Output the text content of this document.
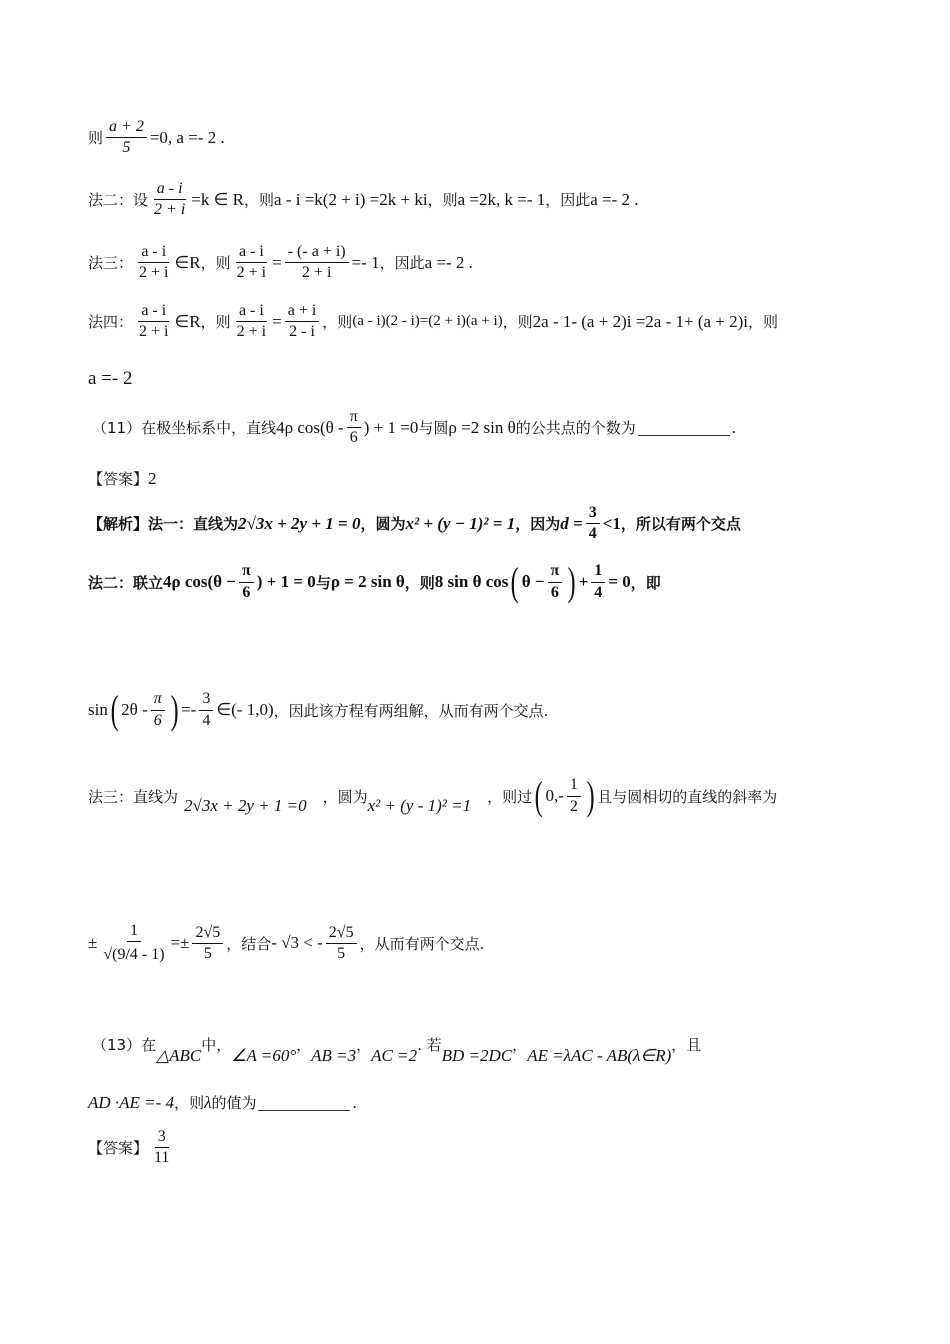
则 $\frac{a + 2}{5} =0$, a =- 2 .
法二：设 $\frac{a - i}{2 + i} =k$ ∈ R ，则 a - i =k(2 + i) =2k + ki ，则 a =2k, k =- 1 ，因此 a =- 2 .
法三： $\frac{a - i}{2 + i}$ ∈R ，则 $\frac{a - i}{2 + i} = \frac{- (- a + i)}{2 + i} =- 1$ ，因此 a =- 2 .
法四： $\frac{a - i}{2 + i}$ ∈R ，则 $\frac{a - i}{2 + i} = \frac{a + i}{2 - i}$ ，则 (a - i)(2 - i)=(2 + i)(a + i) ，则 2a - 1- (a + 2)i =2a - 1+ (a + 2)i ，则
a =- 2
（11）在极坐标系中，直线 4ρ $\cos(\theta - \frac{\pi}{6}$ ) + 1 =0 与圆 ρ =2 sin θ 的公共点的个数为	.
【答案】 2
【解析】 法一：直线为 2√3x + 2y + 1 = 0 ，圆为 x² + (y − 1)² = 1 ，因为 $d = \frac{3}{4} <1$ ，所以有两个交点
法二：联立 4ρ $\cos(\theta - \frac{\pi}{6}$ ) + 1 = 0 与 ρ = 2 sin θ ，则 8 sin θ cos ( $\theta - \frac{\pi}{6}$ ) + $\frac{1}{4} = 0$ ，即
sin ( $2\theta - \frac{\pi}{6}$ ) =- $\frac{3}{4}$ ∈(- 1,0) ，因此该方程有两组解，从而有两个交点.
法三：直线为 2√3x + 2y + 1 =0 ，圆为 x² + (y - 1)² =1 ，则过 ( $0,- \frac{1}{2}$ ) 且与圆相切的直线的斜率为
± $\frac{1}{√(9/4 - 1)} =\pm \frac{2√5}{5}$ ，结合 - √3 < - $\frac{2√5}{5}$ ，从而有两个交点.
（13）在
△ABC
中，
∠A =60°
，
AB =3
，
AC =2
. 若
BD =2DC
，
AE =λAC - AB(λ∈R)
，且
AD ·AE =- 4 ，则 λ 的值为	.
【答案】 $\frac{3}{11}$
